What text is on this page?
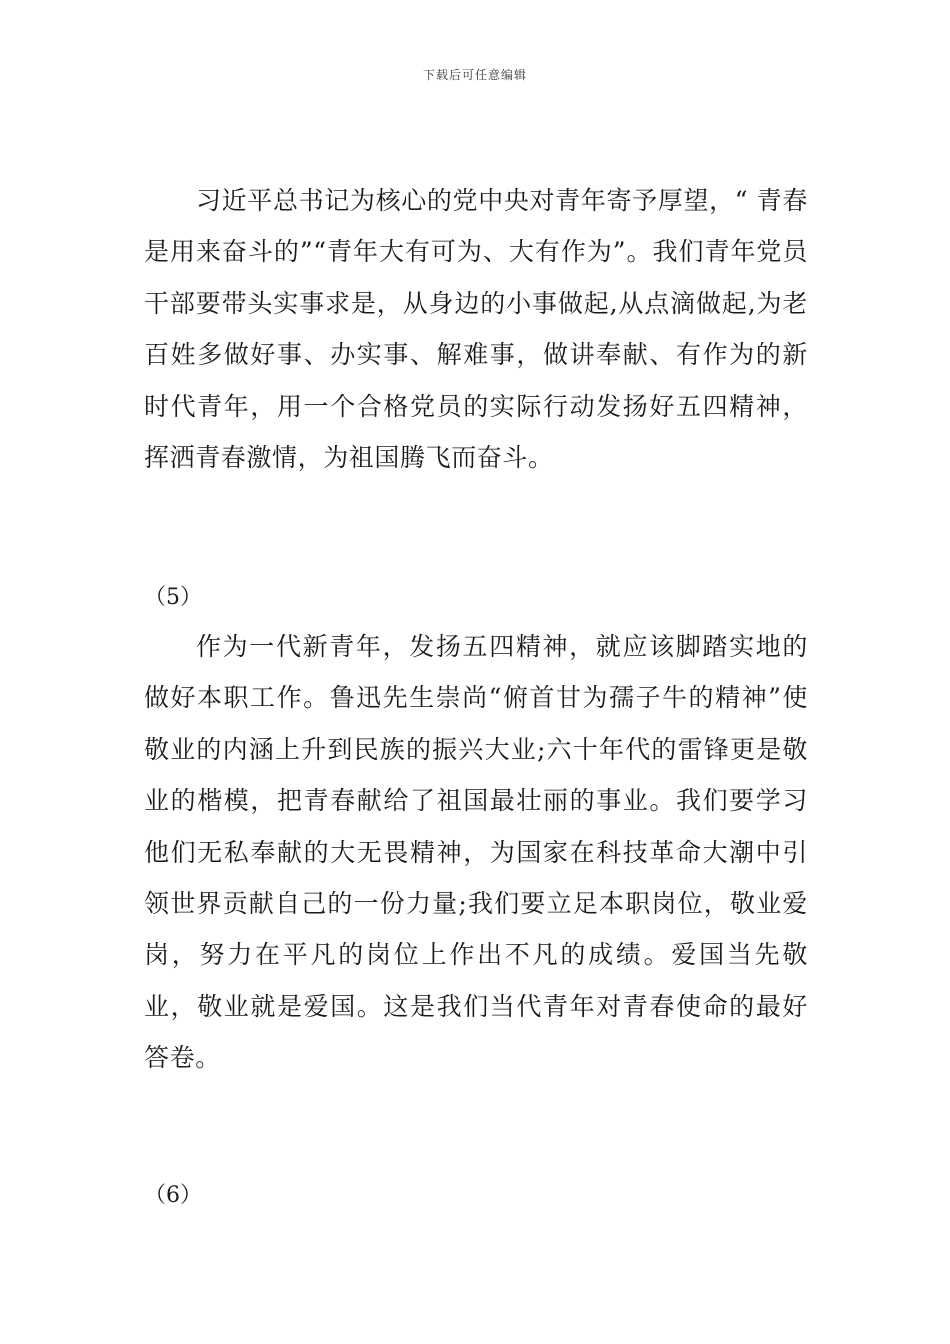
下载后可任意编辑

习近平总书记为核心的党中央对青年寄予厚望，“ 青春是用来奋斗的”“青年大有可为、大有作为”。我们青年党员干部要带头实事求是，从身边的小事做起,从点滴做起,为老百姓多做好事、办实事、解难事，做讲奉献、有作为的新时代青年，用一个合格党员的实际行动发扬好五四精神，挥洒青春激情，为祖国腾飞而奋斗。

（5）

作为一代新青年，发扬五四精神，就应该脚踏实地的做好本职工作。鲁迅先生崇尚“俯首甘为孺子牛的精神”使敬业的内涵上升到民族的振兴大业;六十年代的雷锋更是敬业的楷模，把青春献给了祖国最壮丽的事业。我们要学习他们无私奉献的大无畏精神，为国家在科技革命大潮中引领世界贡献自己的一份力量;我们要立足本职岗位，敬业爱岗，努力在平凡的岗位上作出不凡的成绩。爱国当先敬业，敬业就是爱国。这是我们当代青年对青春使命的最好答卷。

（6）
